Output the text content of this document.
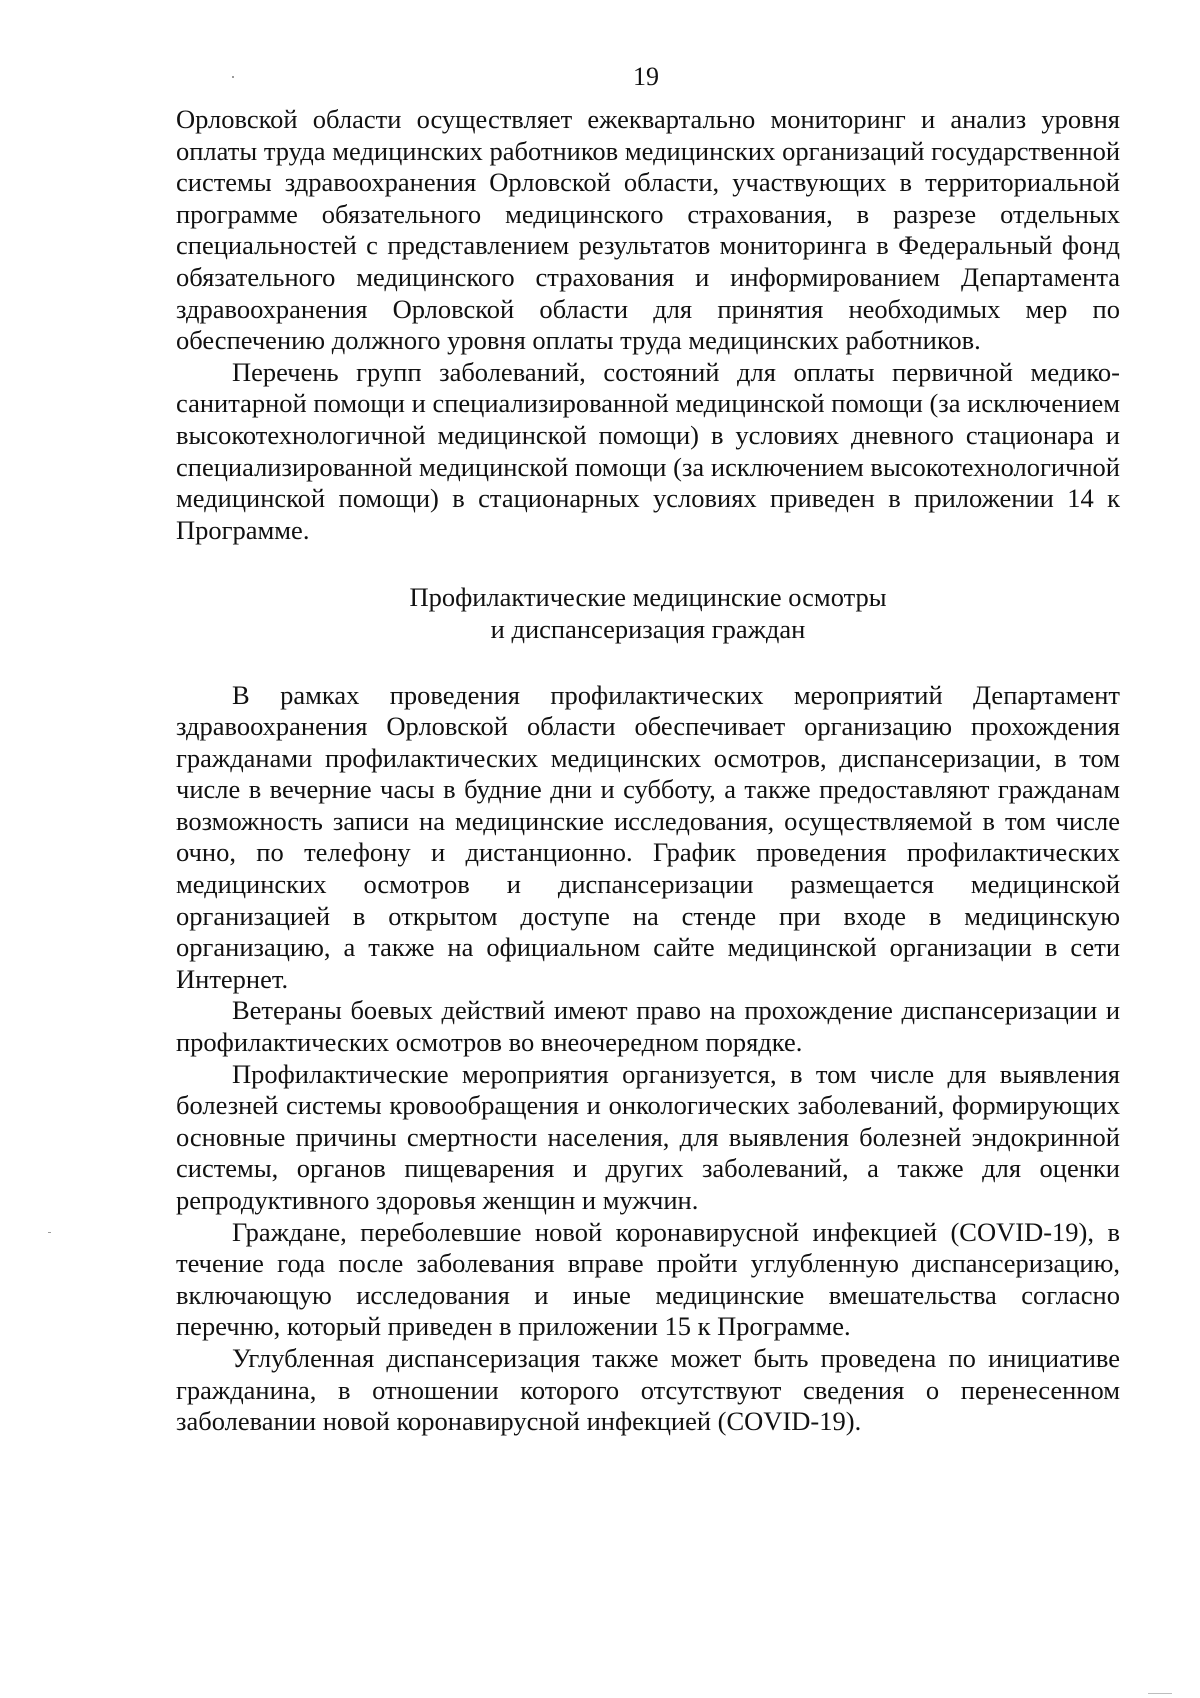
19

Орловской области осуществляет ежеквартально мониторинг и анализ уровня оплаты труда медицинских работников медицинских организаций государственной системы здравоохранения Орловской области, участвующих в территориальной программе обязательного медицинского страхования, в разрезе отдельных специальностей с представлением результатов мониторинга в Федеральный фонд обязательного медицинского страхования и информированием Департамента здравоохранения Орловской области для принятия необходимых мер по обеспечению должного уровня оплаты труда медицинских работников.

Перечень групп заболеваний, состояний для оплаты первичной медико-санитарной помощи и специализированной медицинской помощи (за исключением высокотехнологичной медицинской помощи) в условиях дневного стационара и специализированной медицинской помощи (за исключением высокотехнологичной медицинской помощи) в стационарных условиях приведен в приложении 14 к Программе.

Профилактические медицинские осмотры
и диспансеризация граждан

В рамках проведения профилактических мероприятий Департамент здравоохранения Орловской области обеспечивает организацию прохождения гражданами профилактических медицинских осмотров, диспансеризации, в том числе в вечерние часы в будние дни и субботу, а также предоставляют гражданам возможность записи на медицинские исследования, осуществляемой в том числе очно, по телефону и дистанционно. График проведения профилактических медицинских осмотров и диспансеризации размещается медицинской организацией в открытом доступе на стенде при входе в медицинскую организацию, а также на официальном сайте медицинской организации в сети Интернет.

Ветераны боевых действий имеют право на прохождение диспансеризации и профилактических осмотров во внеочередном порядке.

Профилактические мероприятия организуется, в том числе для выявления болезней системы кровообращения и онкологических заболеваний, формирующих основные причины смертности населения, для выявления болезней эндокринной системы, органов пищеварения и других заболеваний, а также для оценки репродуктивного здоровья женщин и мужчин.

Граждане, переболевшие новой коронавирусной инфекцией (COVID-19), в течение года после заболевания вправе пройти углубленную диспансеризацию, включающую исследования и иные медицинские вмешательства согласно перечню, который приведен в приложении 15 к Программе.

Углубленная диспансеризация также может быть проведена по инициативе гражданина, в отношении которого отсутствуют сведения о перенесенном заболевании новой коронавирусной инфекцией (COVID-19).
